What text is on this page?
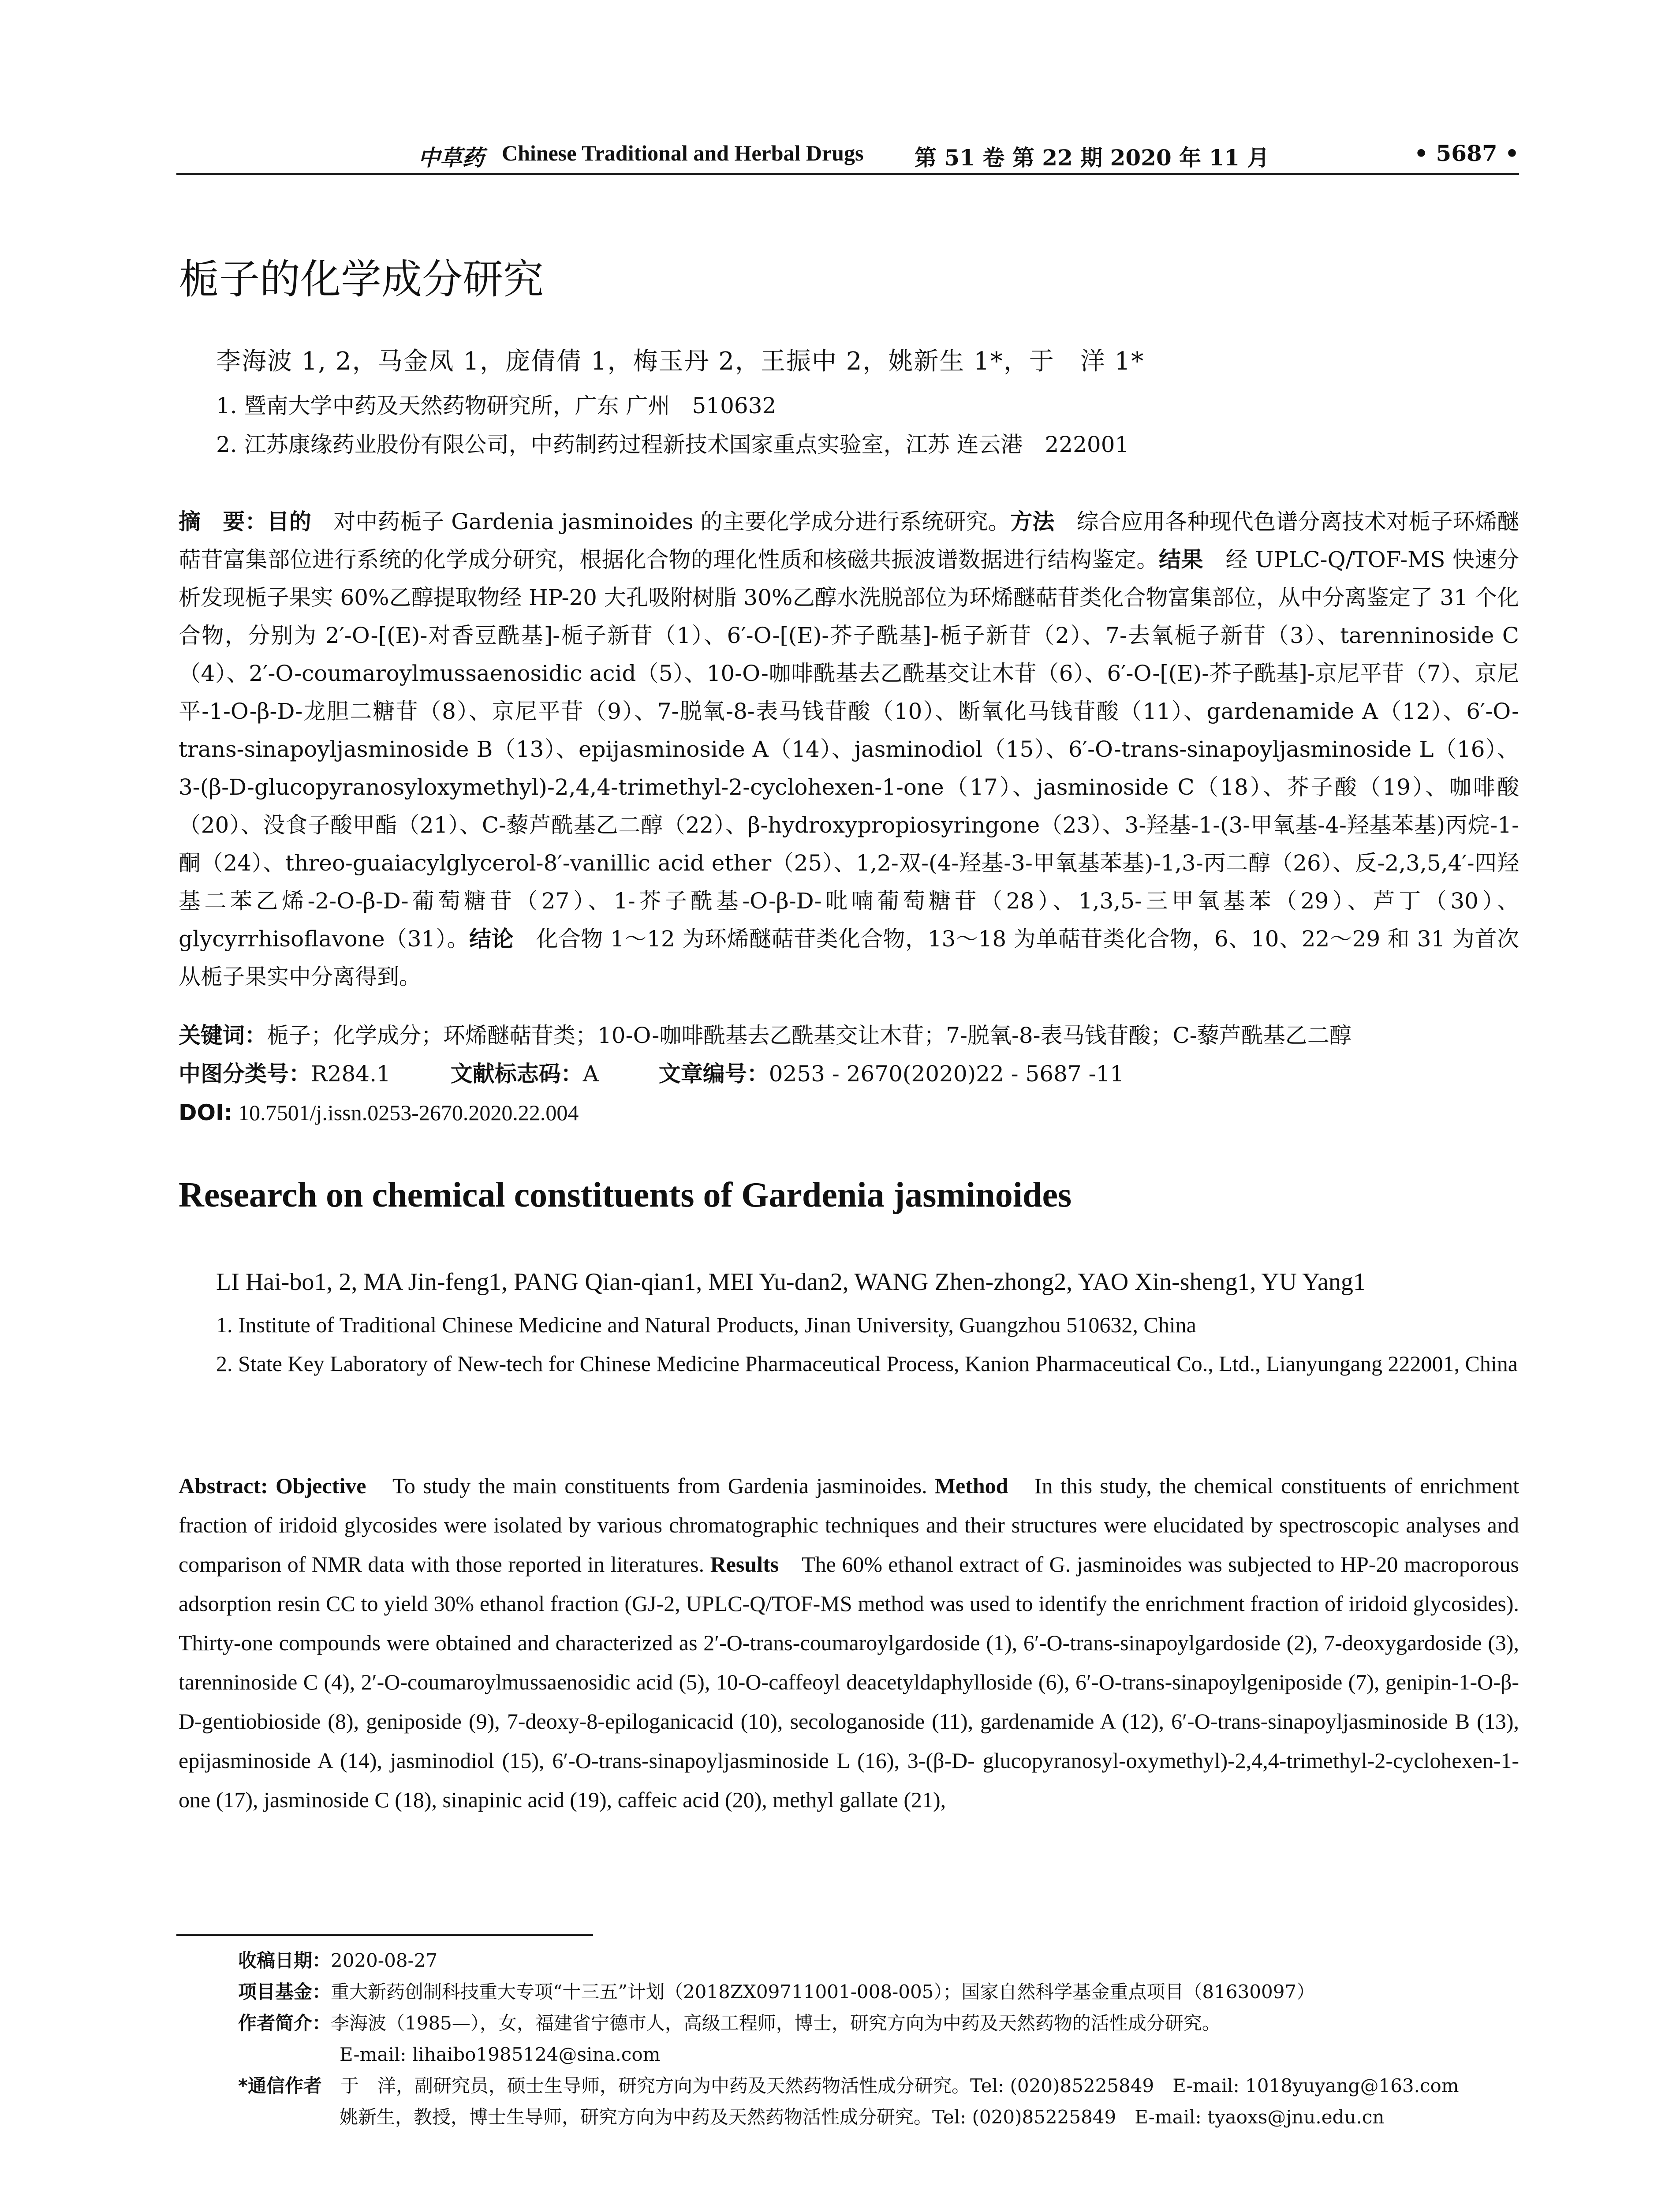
中草药 Chinese Traditional and Herbal Drugs 第 51 卷 第 22 期 2020 年 11 月	• 5687 •
栀子的化学成分研究
李海波 1, 2，马金凤 1，庞倩倩 1，梅玉丹 2，王振中 2，姚新生 1*，于　洋 1*
1. 暨南大学中药及天然药物研究所，广东 广州　510632
2. 江苏康缘药业股份有限公司，中药制药过程新技术国家重点实验室，江苏 连云港　222001
摘　要：目的　对中药栀子 Gardenia jasminoides 的主要化学成分进行系统研究。方法　综合应用各种现代色谱分离技术对栀子环烯醚萜苷富集部位进行系统的化学成分研究，根据化合物的理化性质和核磁共振波谱数据进行结构鉴定。结果　经 UPLC-Q/TOF-MS 快速分析发现栀子果实 60%乙醇提取物经 HP-20 大孔吸附树脂 30%乙醇水洗脱部位为环烯醚萜苷类化合物富集部位，从中分离鉴定了 31 个化合物，分别为 2′-O-[(E)-对香豆酰基]-栀子新苷（1）、6′-O-[(E)-芥子酰基]-栀子新苷（2）、7-去氧栀子新苷（3）、tarenninoside C（4）、2′-O-coumaroylmussaenosidic acid（5）、10-O-咖啡酰基去乙酰基交让木苷（6）、6′-O-[(E)-芥子酰基]-京尼平苷（7）、京尼平-1-O-β-D-龙胆二糖苷（8）、京尼平苷（9）、7-脱氧-8-表马钱苷酸（10）、断氧化马钱苷酸（11）、gardenamide A（12）、6′-O-trans-sinapoyljasminoside B（13）、epijasminoside A（14）、jasminodiol（15）、6′-O-trans-sinapoyljasminoside L（16）、3-(β-D-glucopyranosyloxymethyl)-2,4,4-trimethyl-2-cyclohexen-1-one（17）、jasminoside C（18）、芥子酸（19）、咖啡酸（20）、没食子酸甲酯（21）、C-藜芦酰基乙二醇（22）、β-hydroxypropiosyringone（23）、3-羟基-1-(3-甲氧基-4-羟基苯基)丙烷-1-酮（24）、threo-guaiacylglycerol-8′-vanillic acid ether（25）、1,2-双-(4-羟基-3-甲氧基苯基)-1,3-丙二醇（26）、反-2,3,5,4′-四羟基二苯乙烯-2-O-β-D-葡萄糖苷（27）、1-芥子酰基-O-β-D-吡喃葡萄糖苷（28）、1,3,5-三甲氧基苯（29）、芦丁（30）、glycyrrhisoflavone（31）。结论　化合物 1～12 为环烯醚萜苷类化合物，13～18 为单萜苷类化合物，6、10、22～29 和 31 为首次从栀子果实中分离得到。
关键词：栀子；化学成分；环烯醚萜苷类；10-O-咖啡酰基去乙酰基交让木苷；7-脱氧-8-表马钱苷酸；C-藜芦酰基乙二醇
中图分类号：R284.1	文献标志码：A	文章编号：0253 - 2670(2020)22 - 5687 -11
DOI: 10.7501/j.issn.0253-2670.2020.22.004
Research on chemical constituents of Gardenia jasminoides
LI Hai-bo1, 2, MA Jin-feng1, PANG Qian-qian1, MEI Yu-dan2, WANG Zhen-zhong2, YAO Xin-sheng1, YU Yang1
1. Institute of Traditional Chinese Medicine and Natural Products, Jinan University, Guangzhou 510632, China
2. State Key Laboratory of New-tech for Chinese Medicine Pharmaceutical Process, Kanion Pharmaceutical Co., Ltd., Lianyungang 222001, China
Abstract: Objective　To study the main constituents from Gardenia jasminoides. Method　In this study, the chemical constituents of enrichment fraction of iridoid glycosides were isolated by various chromatographic techniques and their structures were elucidated by spectroscopic analyses and comparison of NMR data with those reported in literatures. Results　The 60% ethanol extract of G. jasminoides was subjected to HP-20 macroporous adsorption resin CC to yield 30% ethanol fraction (GJ-2, UPLC-Q/TOF-MS method was used to identify the enrichment fraction of iridoid glycosides). Thirty-one compounds were obtained and characterized as 2′-O-trans-coumaroylgardoside (1), 6′-O-trans-sinapoylgardoside (2), 7-deoxygardoside (3), tarenninoside C (4), 2′-O-coumaroylmussaenosidic acid (5), 10-O-caffeoyl deacetyldaphylloside (6), 6′-O-trans-sinapoylgeniposide (7), genipin-1-O-β-D-gentiobioside (8), geniposide (9), 7-deoxy-8-epiloganicacid (10), secologanoside (11), gardenamide A (12), 6′-O-trans-sinapoyljasminoside B (13), epijasminoside A (14), jasminodiol (15), 6′-O-trans-sinapoyljasminoside L (16), 3-(β-D- glucopyranosyl-oxymethyl)-2,4,4-trimethyl-2-cyclohexen-1-one (17), jasminoside C (18), sinapinic acid (19), caffeic acid (20), methyl gallate (21),
收稿日期：2020-08-27
项目基金：重大新药创制科技重大专项“十三五”计划（2018ZX09711001-008-005）；国家自然科学基金重点项目（81630097）
作者简介：李海波（1985—），女，福建省宁德市人，高级工程师，博士，研究方向为中药及天然药物的活性成分研究。
E-mail: lihaibo1985124@sina.com
*通信作者　于　洋，副研究员，硕士生导师，研究方向为中药及天然药物活性成分研究。Tel: (020)85225849　E-mail: 1018yuyang@163.com
姚新生，教授，博士生导师，研究方向为中药及天然药物活性成分研究。Tel: (020)85225849　E-mail: tyaoxs@jnu.edu.cn
